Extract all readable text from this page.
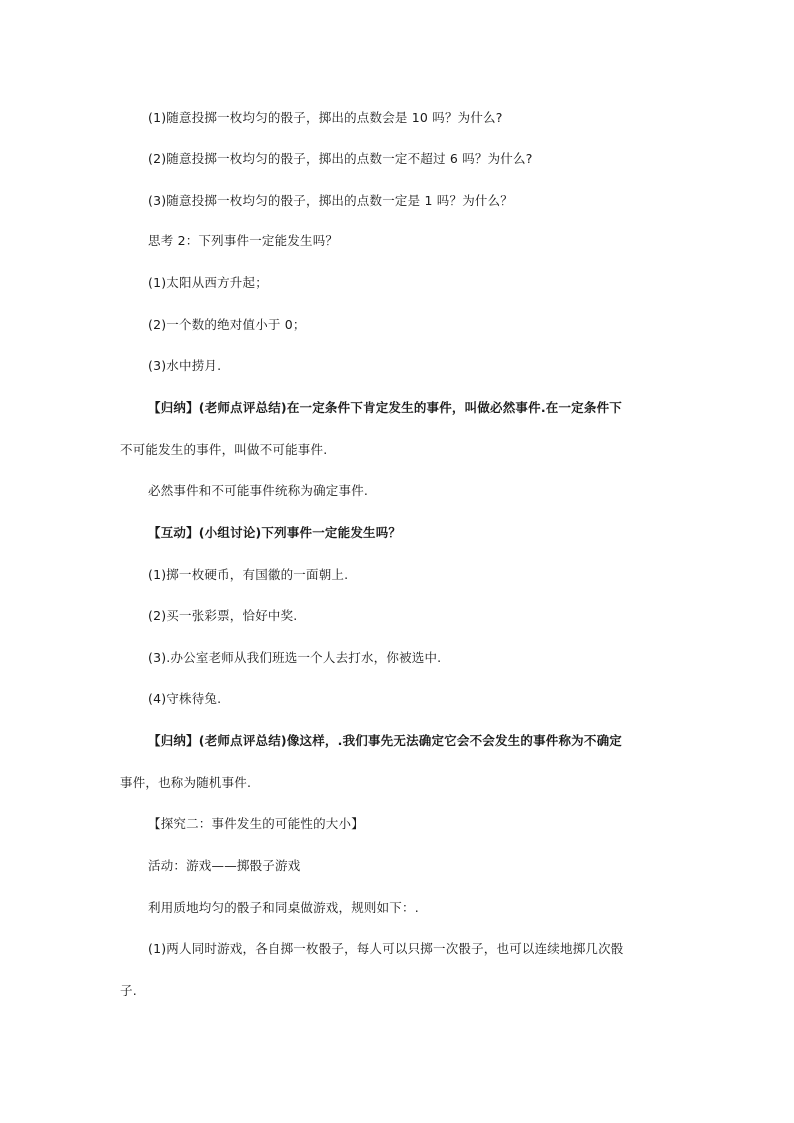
(1)随意投掷一枚均匀的骰子，掷出的点数会是 10 吗？为什么?
(2)随意投掷一枚均匀的骰子，掷出的点数一定不超过 6 吗？为什么?
(3)随意投掷一枚均匀的骰子，掷出的点数一定是 1 吗？为什么？
思考 2：下列事件一定能发生吗？
(1)太阳从西方升起；
(2)一个数的绝对值小于 0；
(3)水中捞月.
【归纳】(老师点评总结)在一定条件下肯定发生的事件，叫做必然事件.在一定条件下
不可能发生的事件，叫做不可能事件.
必然事件和不可能事件统称为确定事件.
【互动】(小组讨论)下列事件一定能发生吗？
(1)掷一枚硬币，有国徽的一面朝上.
(2)买一张彩票，恰好中奖.
(3).办公室老师从我们班选一个人去打水，你被选中.
(4)守株待兔.
【归纳】(老师点评总结)像这样，.我们事先无法确定它会不会发生的事件称为不确定
事件，也称为随机事件.
【探究二：事件发生的可能性的大小】
活动：游戏——掷骰子游戏
利用质地均匀的骰子和同桌做游戏，规则如下：.
(1)两人同时游戏，各自掷一枚骰子，每人可以只掷一次骰子，也可以连续地掷几次骰
子.
